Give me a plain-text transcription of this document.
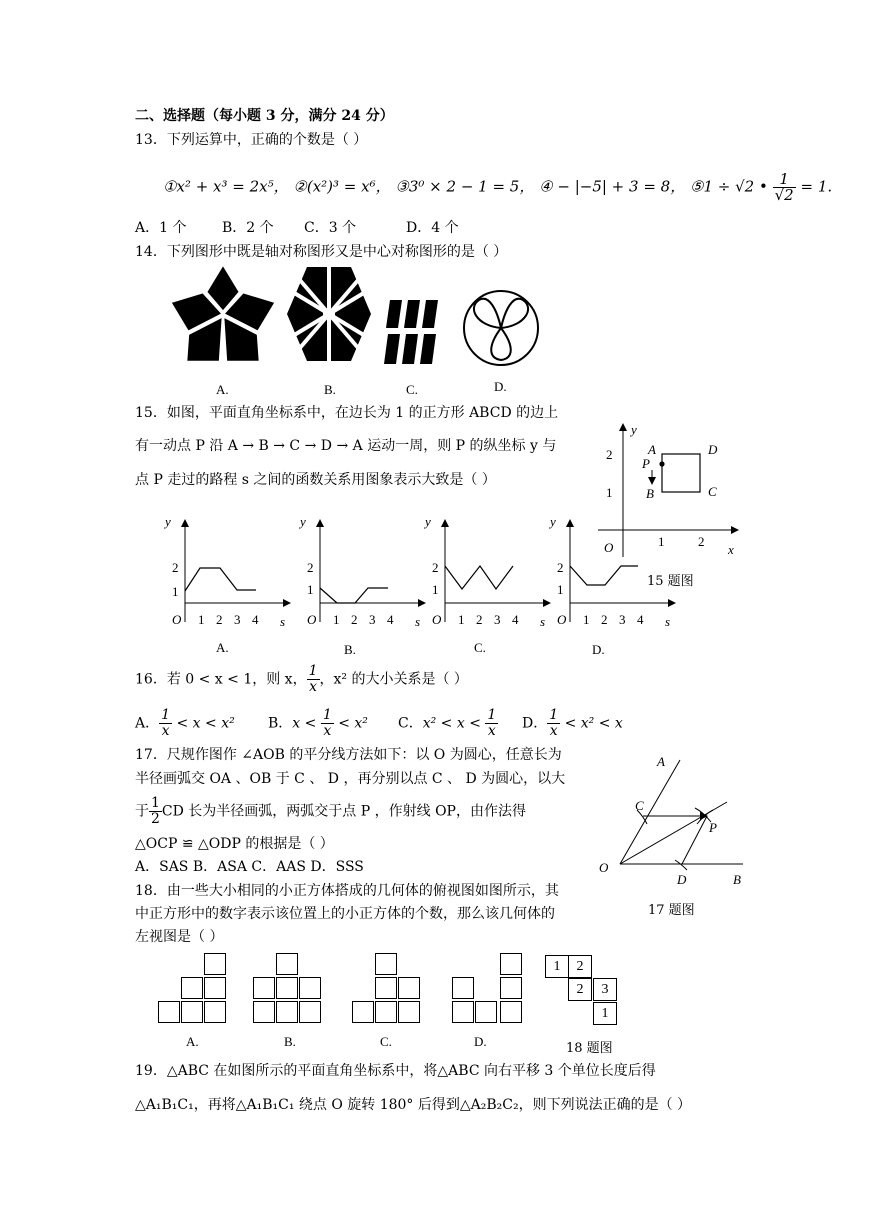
二、选择题（每小题 3 分，满分 24 分）
13．下列运算中，正确的个数是（ ）
①x² + x³ = 2x⁵， ②(x²)³ = x⁶， ③3⁰ × 2 − 1 = 5， ④ − |−5| + 3 = 8， ⑤1 ÷ √2 • $\frac{1}{√2} = 1$.
A．1 个	B．2 个 C．3 个	D．4 个
14．下列图形中既是轴对称图形又是中心对称图形的是（ ）
A.	B.	C.	D.
15．如图，平面直角坐标系中，在边长为 1 的正方形 ABCD 的边上
有一动点 P 沿 A → B → C → D → A 运动一周，则 P 的纵坐标 y 与
点 P 走过的路程 s 之间的函数关系用图象表示大致是（ ）
y
x
A	D
P
B	C
O	1	2
2
1
15 题图
y
2
1
O 1 2 3 4 s
y
2
1
O 1 2 3 4 s
y
2
1
O 1 2 3 4 s
y
2
1
O 1 2 3 4 s
A.	B.	C.	D.
16．若 0 < x < 1，则 x， $\frac{1}{x}$ ，x² 的大小关系是（ ）
A． $\frac{1}{x} < x < x^2$ B．$x < \frac{1}{x} < x^2$ C．$x^2 < x < \frac{1}{x}$ D． $\frac{1}{x} < x^2 < x$
17．尺规作图作 ∠AOB 的平分线方法如下：以 O 为圆心，任意长为
半径画弧交 OA 、OB 于 C 、 D ，再分别以点 C 、 D 为圆心，以大
于 $\frac{1}{2}$ CD 长为半径画弧，两弧交于点 P ，作射线 OP，由作法得
△OCP ≌ △ODP 的根据是（ ）
A．SAS B．ASA C．AAS D．SSS
A
C
P
O
D	B
17 题图
18．由一些大小相同的小正方体搭成的几何体的俯视图如图所示，其
中正方形中的数字表示该位置上的小正方体的个数，那么该几何体的
左视图是（ ）
A.	B.	C.	D.
1	2
2	3
1
18 题图
19．△ABC 在如图所示的平面直角坐标系中，将△ABC 向右平移 3 个单位长度后得
△A₁B₁C₁，再将△A₁B₁C₁ 绕点 O 旋转 180° 后得到△A₂B₂C₂，则下列说法正确的是（ ）
